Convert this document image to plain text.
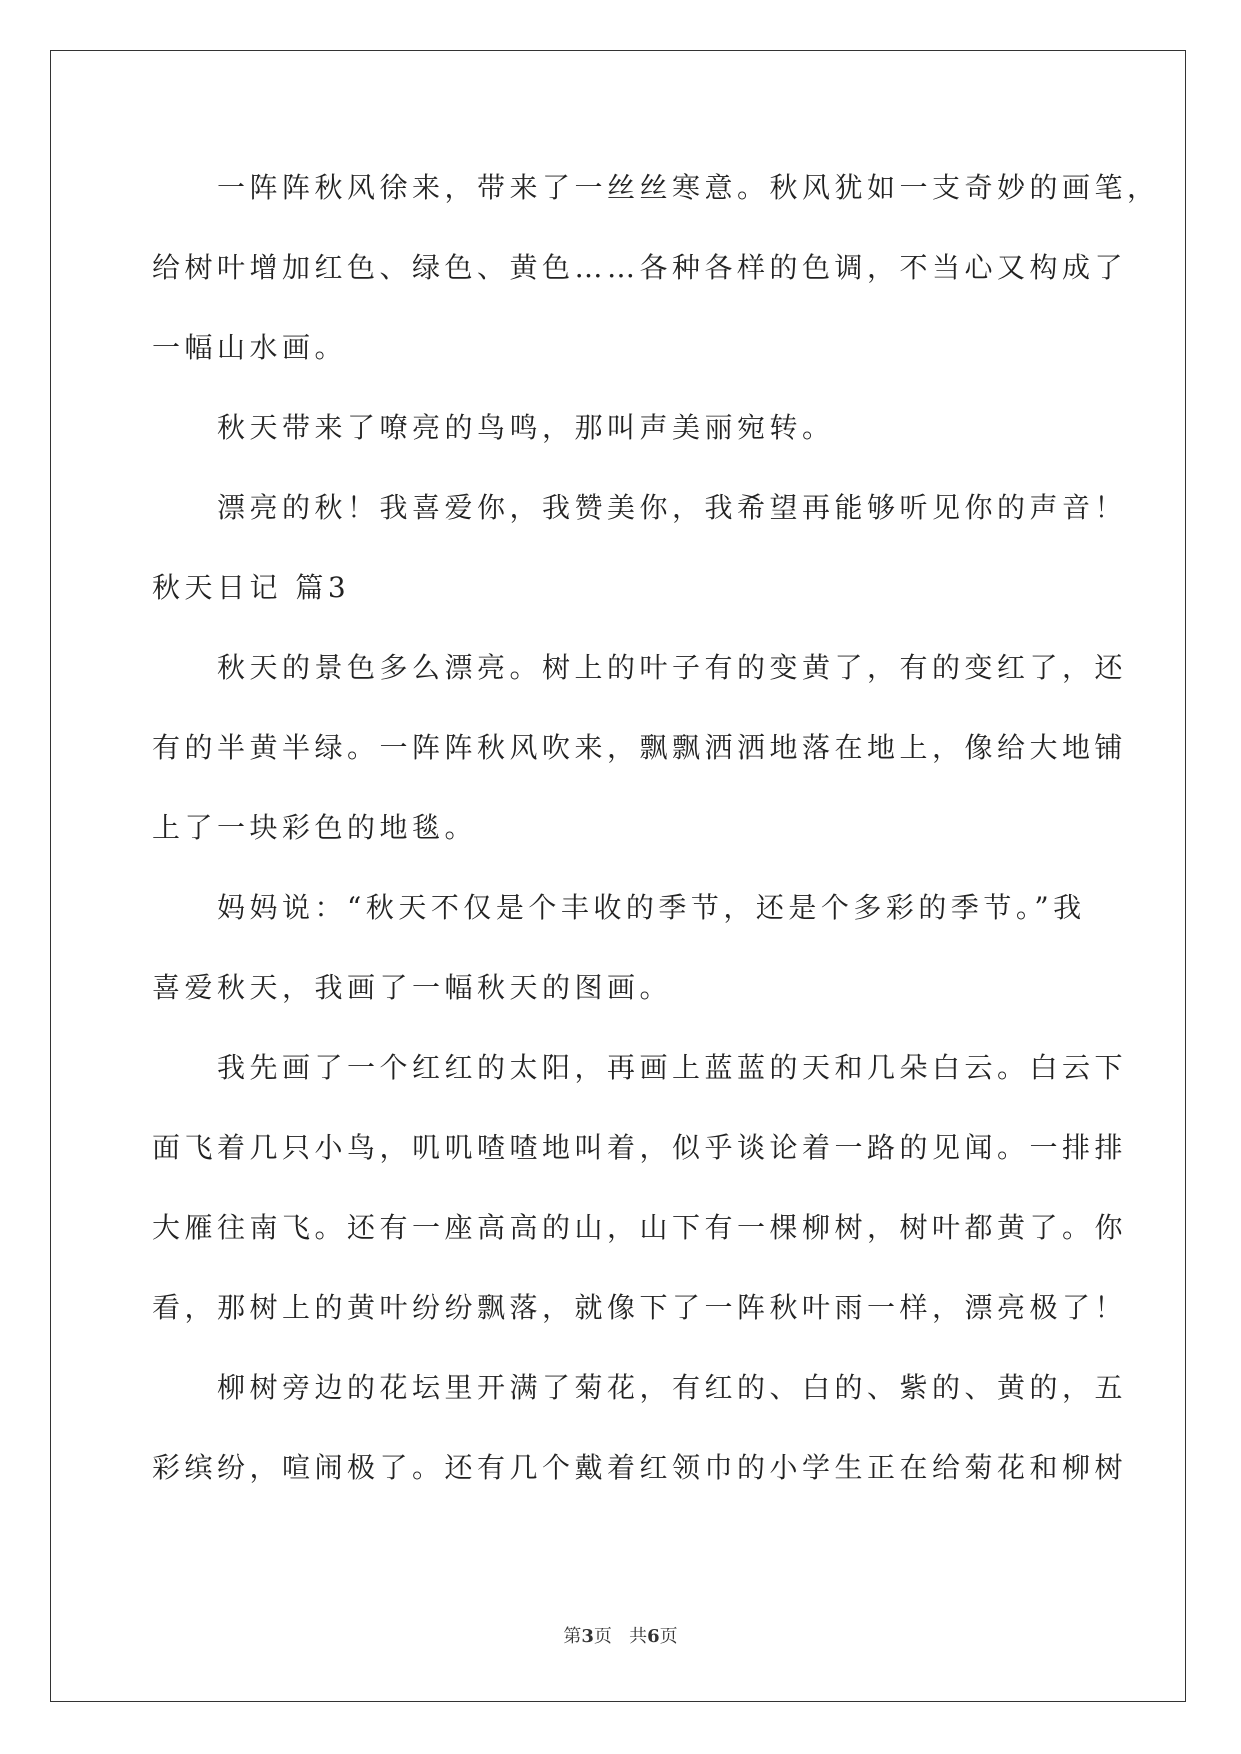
一阵阵秋风徐来，带来了一丝丝寒意。秋风犹如一支奇妙的画笔，
给树叶增加红色、绿色、黄色……各种各样的色调，不当心又构成了
一幅山水画。
秋天带来了嘹亮的鸟鸣，那叫声美丽宛转。
漂亮的秋！我喜爱你，我赞美你，我希望再能够听见你的声音！
秋天日记 篇3
秋天的景色多么漂亮。树上的叶子有的变黄了，有的变红了，还
有的半黄半绿。一阵阵秋风吹来，飘飘洒洒地落在地上，像给大地铺
上了一块彩色的地毯。
妈妈说：“秋天不仅是个丰收的季节，还是个多彩的季节。”我
喜爱秋天，我画了一幅秋天的图画。
我先画了一个红红的太阳，再画上蓝蓝的天和几朵白云。白云下
面飞着几只小鸟，叽叽喳喳地叫着，似乎谈论着一路的见闻。一排排
大雁往南飞。还有一座高高的山，山下有一棵柳树，树叶都黄了。你
看，那树上的黄叶纷纷飘落，就像下了一阵秋叶雨一样，漂亮极了！
柳树旁边的花坛里开满了菊花，有红的、白的、紫的、黄的，五
彩缤纷，喧闹极了。还有几个戴着红领巾的小学生正在给菊花和柳树
第3页   共6页
